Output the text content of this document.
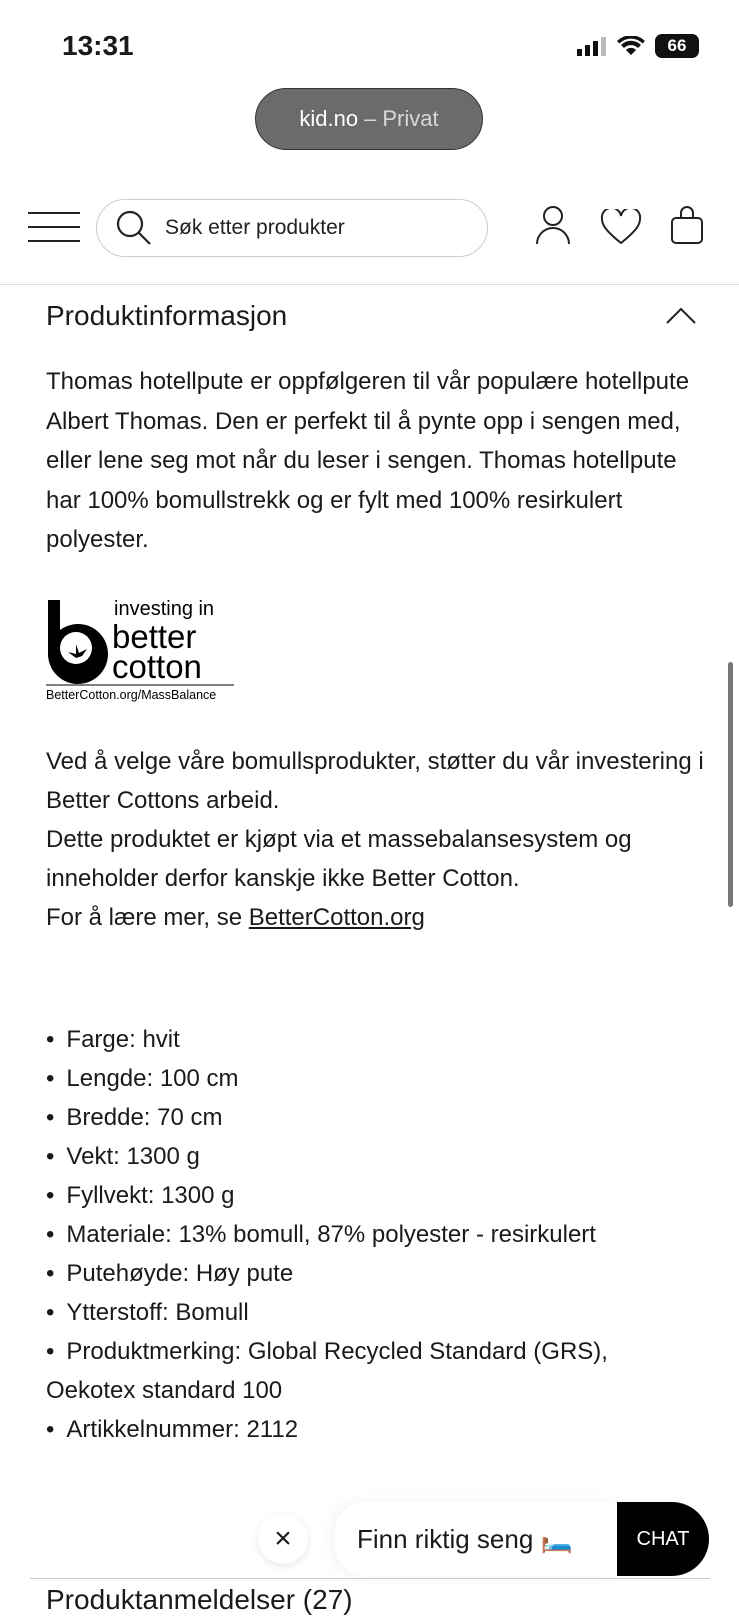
13:31	66
kid.no – Privat
Søk etter produkter
Produktinformasjon

Thomas hotellpute er oppfølgeren til vår populære hotellpute Albert Thomas. Den er perfekt til å pynte opp i sengen med, eller lene seg mot når du leser i sengen. Thomas hotellpute har 100% bomullstrekk og er fylt med 100% resirkulert polyester.

investing in
better
cotton
BetterCotton.org/MassBalance
Ved å velge våre bomullsprodukter, støtter du vår investering i Better Cottons arbeid.
Dette produktet er kjøpt via et massebalansesystem og inneholder derfor kanskje ikke Better Cotton.
For å lære mer, se BetterCotton.org
• Farge: hvit
• Lengde: 100 cm
• Bredde: 70 cm
• Vekt: 1300 g
• Fyllvekt: 1300 g
• Materiale: 13% bomull, 87% polyester - resirkulert
• Putehøyde: Høy pute
• Ytterstoff: Bomull
• Produktmerking: Global Recycled Standard (GRS), Oekotex standard 100
• Artikkelnummer: 2112
Produktanmeldelser (27)
×	Finn riktig seng 🛏️	CHAT
